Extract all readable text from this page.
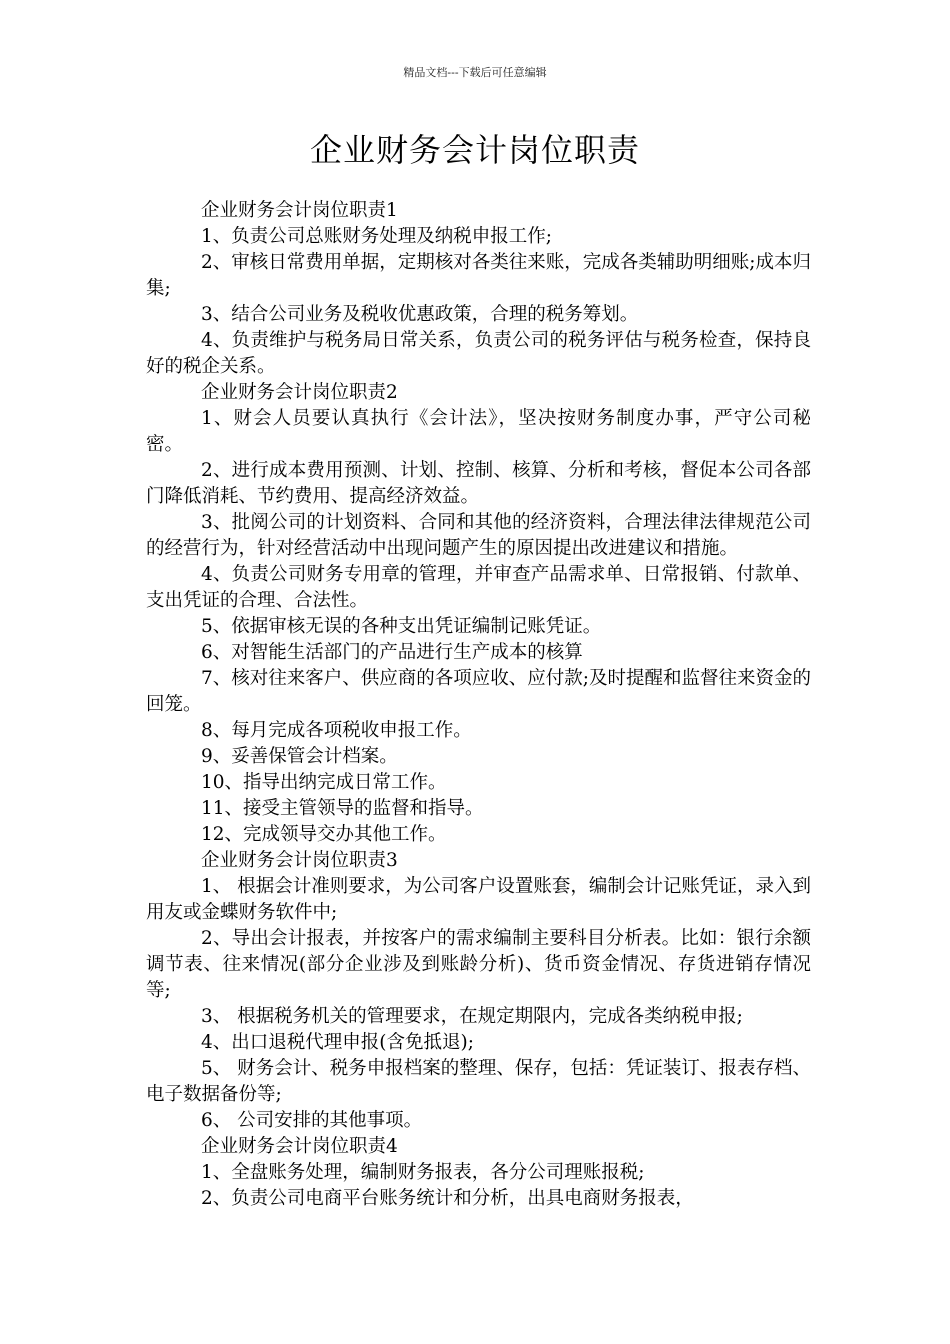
精品文档---下载后可任意编辑
企业财务会计岗位职责

企业财务会计岗位职责1

1、负责公司总账财务处理及纳税申报工作;

2、审核日常费用单据，定期核对各类往来账，完成各类辅助明细账;成本归集;

3、结合公司业务及税收优惠政策，合理的税务筹划。

4、负责维护与税务局日常关系，负责公司的税务评估与税务检查，保持良好的税企关系。

企业财务会计岗位职责2

1、财会人员要认真执行《会计法》，坚决按财务制度办事，严守公司秘密。

2、进行成本费用预测、计划、控制、核算、分析和考核，督促本公司各部门降低消耗、节约费用、提高经济效益。

3、批阅公司的计划资料、合同和其他的经济资料，合理法律法律规范公司的经营行为，针对经营活动中出现问题产生的原因提出改进建议和措施。

4、负责公司财务专用章的管理，并审查产品需求单、日常报销、付款单、支出凭证的合理、合法性。

5、依据审核无误的各种支出凭证编制记账凭证。

6、对智能生活部门的产品进行生产成本的核算

7、核对往来客户、供应商的各项应收、应付款;及时提醒和监督往来资金的回笼。

8、每月完成各项税收申报工作。

9、妥善保管会计档案。

10、指导出纳完成日常工作。

11、接受主管领导的监督和指导。

12、完成领导交办其他工作。

企业财务会计岗位职责3

1、 根据会计准则要求，为公司客户设置账套，编制会计记账凭证，录入到用友或金蝶财务软件中;

2、导出会计报表，并按客户的需求编制主要科目分析表。比如：银行余额调节表、往来情况(部分企业涉及到账龄分析)、货币资金情况、存货进销存情况等;

3、 根据税务机关的管理要求，在规定期限内，完成各类纳税申报;

4、出口退税代理申报(含免抵退);

5、 财务会计、税务申报档案的整理、保存，包括：凭证装订、报表存档、电子数据备份等;

6、 公司安排的其他事项。

企业财务会计岗位职责4

1、全盘账务处理，编制财务报表，各分公司理账报税;

2、负责公司电商平台账务统计和分析，出具电商财务报表，
